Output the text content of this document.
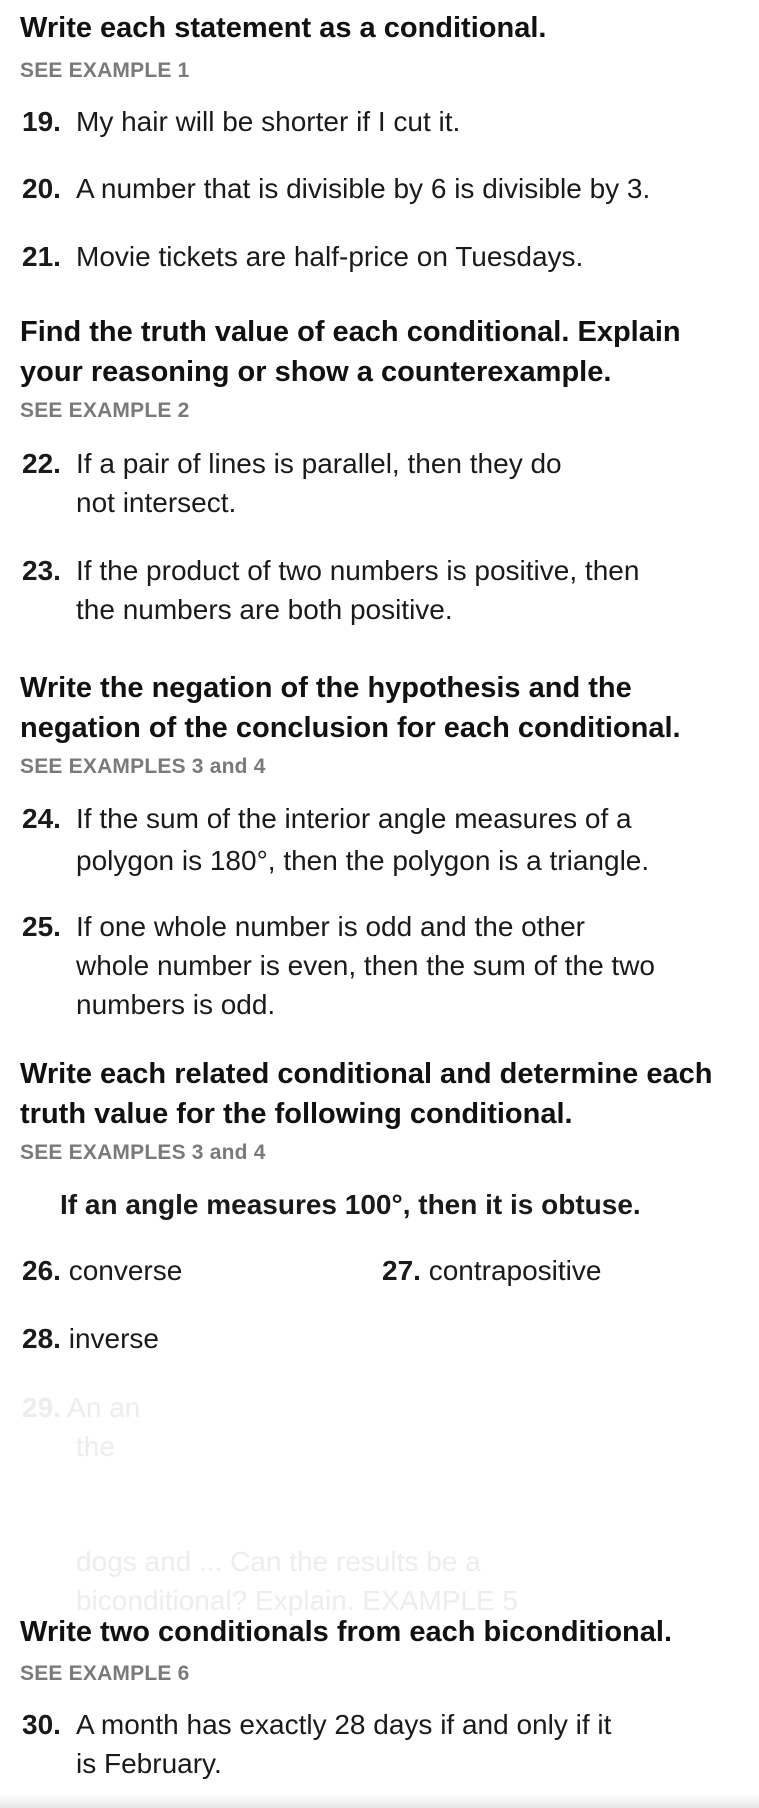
Write each statement as a conditional.
SEE EXAMPLE 1
19. My hair will be shorter if I cut it.
20. A number that is divisible by 6 is divisible by 3.
21. Movie tickets are half-price on Tuesdays.
Find the truth value of each conditional. Explain
your reasoning or show a counterexample.
SEE EXAMPLE 2
22. If a pair of lines is parallel, then they do
not intersect.
23. If the product of two numbers is positive, then
the numbers are both positive.
Write the negation of the hypothesis and the
negation of the conclusion for each conditional.
SEE EXAMPLES 3 and 4
24. If the sum of the interior angle measures of a
polygon is 180°, then the polygon is a triangle.
25. If one whole number is odd and the other
whole number is even, then the sum of the two
numbers is odd.
Write each related conditional and determine each
truth value for the following conditional.
SEE EXAMPLES 3 and 4
If an angle measures 100°, then it is obtuse.
26. converse	27. contrapositive
28. inverse
29. An an
the
dogs and ... Can the results be a
biconditional? Explain. EXAMPLE 5
Write two conditionals from each biconditional.
SEE EXAMPLE 6
30. A month has exactly 28 days if and only if it
is February.
